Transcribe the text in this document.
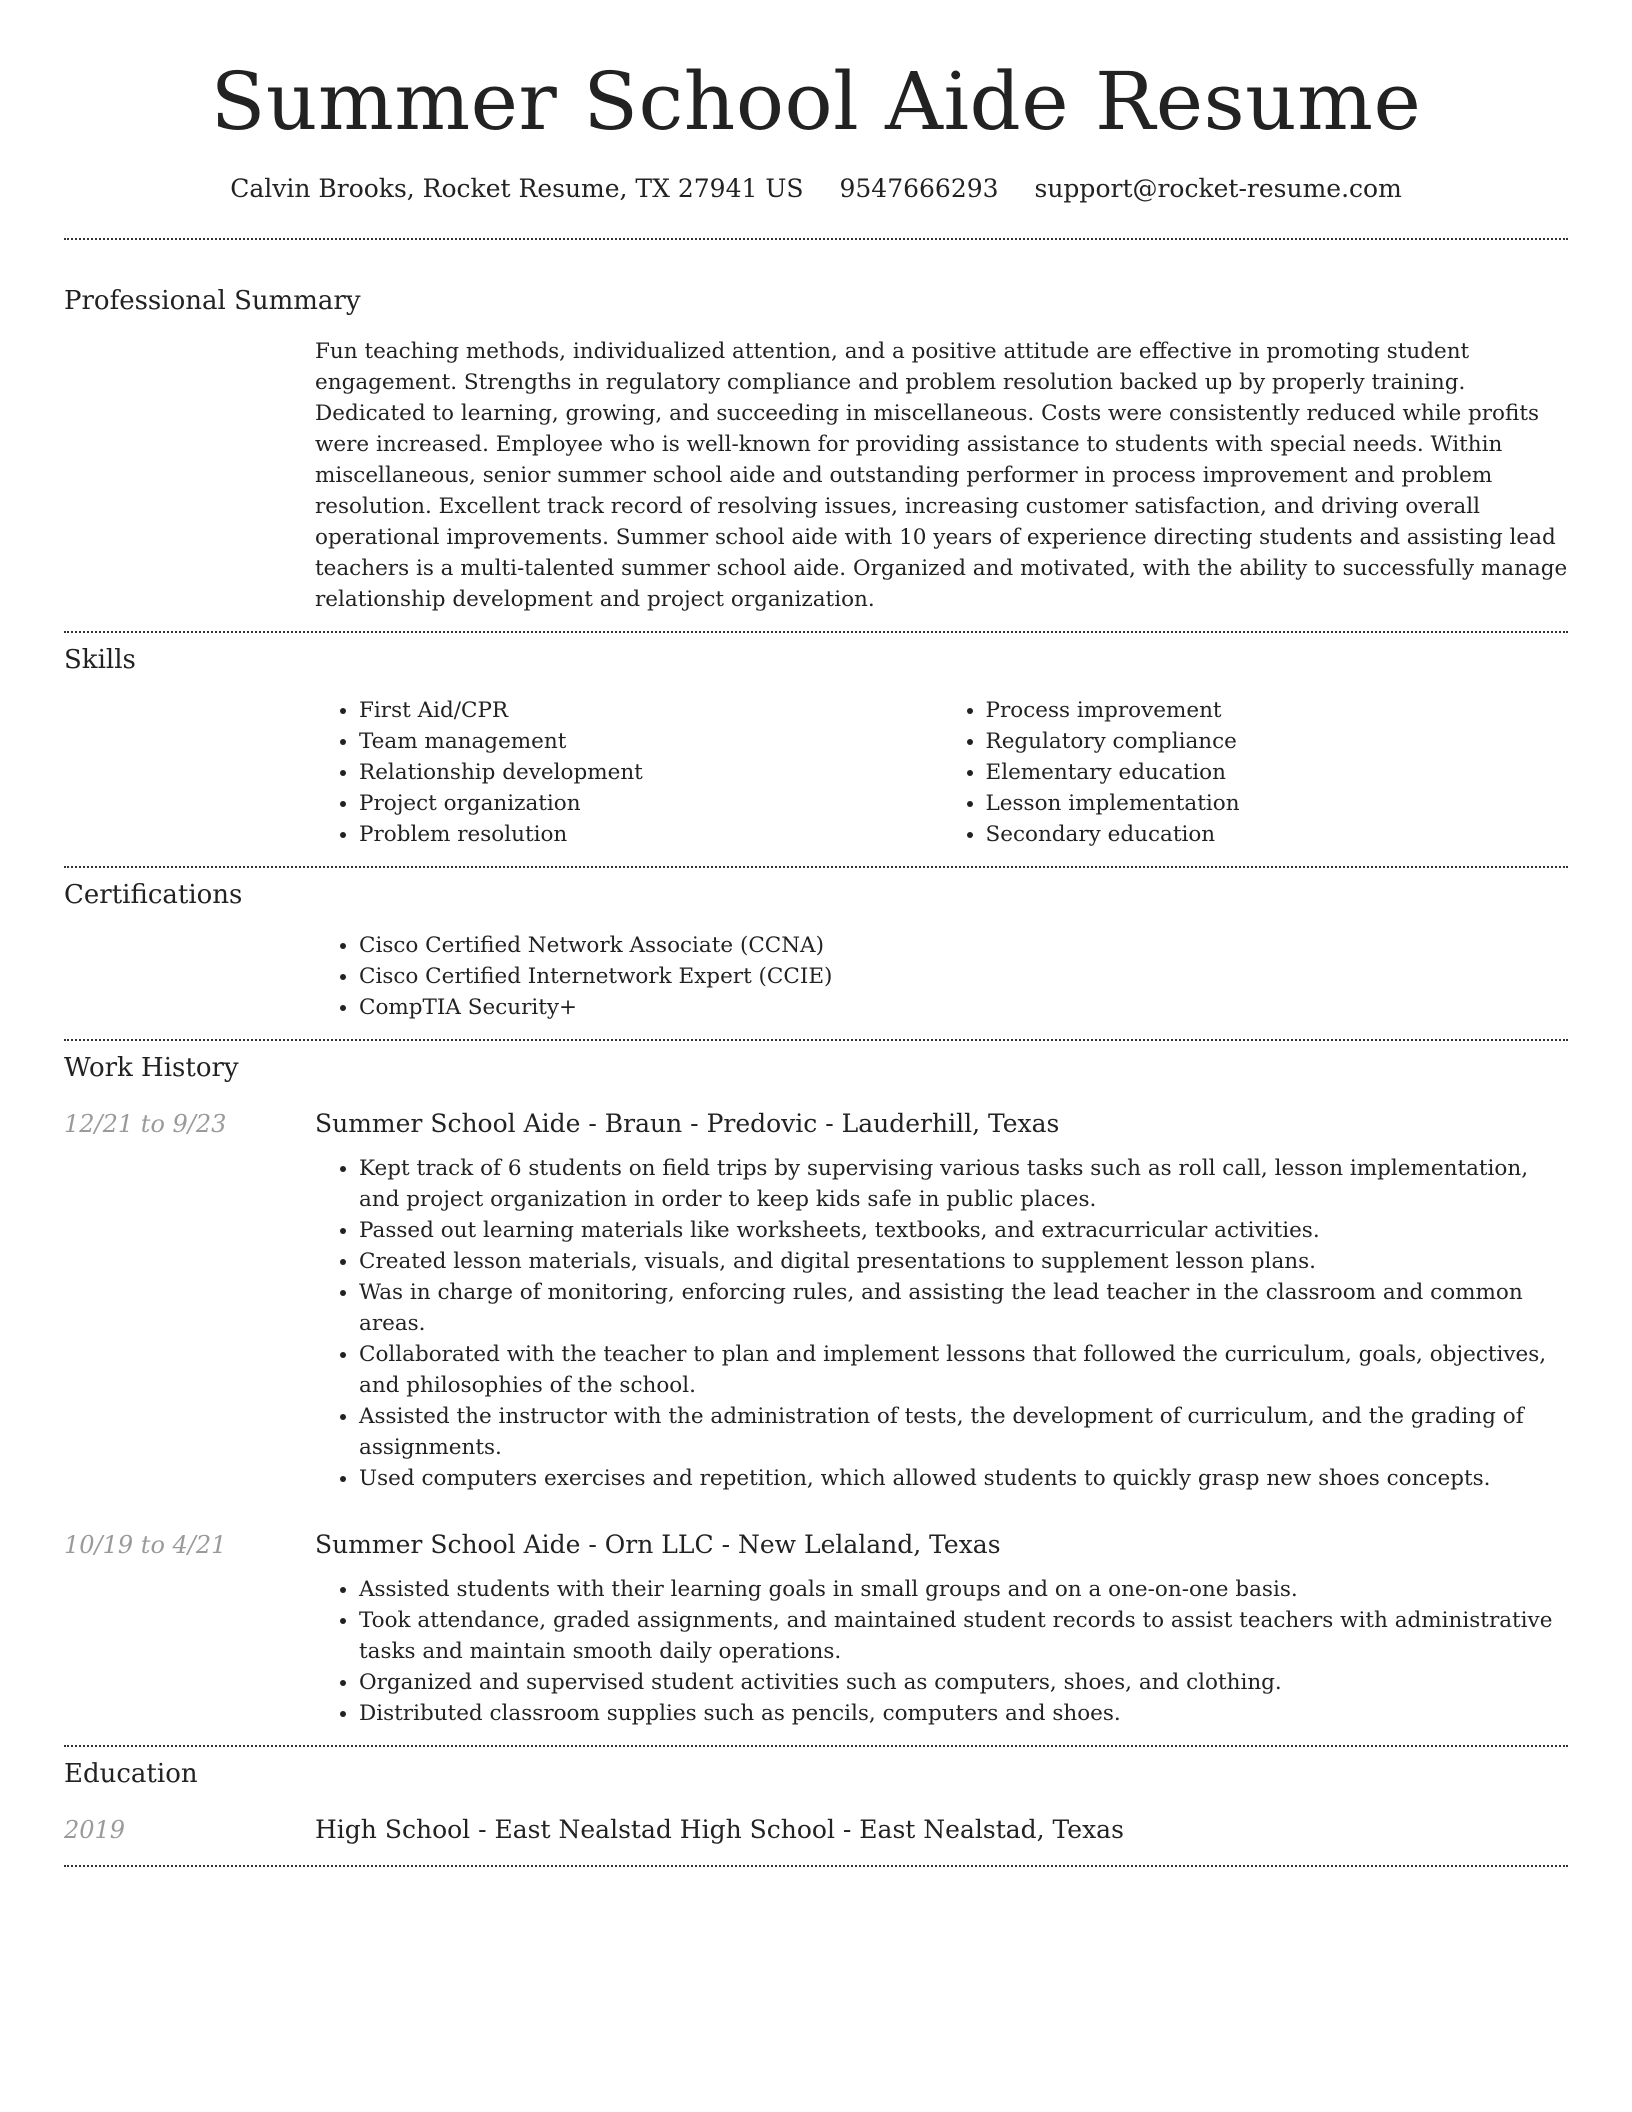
Summer School Aide Resume
Calvin Brooks, Rocket Resume, TX 27941 US 9547666293 support@rocket-resume.com
Professional Summary
Fun teaching methods, individualized attention, and a positive attitude are effective in promoting student engagement. Strengths in regulatory compliance and problem resolution backed up by properly training. Dedicated to learning, growing, and succeeding in miscellaneous. Costs were consistently reduced while profits were increased. Employee who is well-known for providing assistance to students with special needs. Within miscellaneous, senior summer school aide and outstanding performer in process improvement and problem resolution. Excellent track record of resolving issues, increasing customer satisfaction, and driving overall operational improvements. Summer school aide with 10 years of experience directing students and assisting lead teachers is a multi-talented summer school aide. Organized and motivated, with the ability to successfully manage relationship development and project organization.
Skills
• First Aid/CPR
• Team management
• Relationship development
• Project organization
• Problem resolution
• Process improvement
• Regulatory compliance
• Elementary education
• Lesson implementation
• Secondary education
Certifications
• Cisco Certified Network Associate (CCNA)
• Cisco Certified Internetwork Expert (CCIE)
• CompTIA Security+
Work History
12/21 to 9/23	Summer School Aide - Braun - Predovic - Lauderhill, Texas
• Kept track of 6 students on field trips by supervising various tasks such as roll call, lesson implementation, and project organization in order to keep kids safe in public places.
• Passed out learning materials like worksheets, textbooks, and extracurricular activities.
• Created lesson materials, visuals, and digital presentations to supplement lesson plans.
• Was in charge of monitoring, enforcing rules, and assisting the lead teacher in the classroom and common areas.
• Collaborated with the teacher to plan and implement lessons that followed the curriculum, goals, objectives, and philosophies of the school.
• Assisted the instructor with the administration of tests, the development of curriculum, and the grading of assignments.
• Used computers exercises and repetition, which allowed students to quickly grasp new shoes concepts.
10/19 to 4/21	Summer School Aide - Orn LLC - New Lelaland, Texas
• Assisted students with their learning goals in small groups and on a one-on-one basis.
• Took attendance, graded assignments, and maintained student records to assist teachers with administrative tasks and maintain smooth daily operations.
• Organized and supervised student activities such as computers, shoes, and clothing.
• Distributed classroom supplies such as pencils, computers and shoes.
Education
2019	High School - East Nealstad High School - East Nealstad, Texas
